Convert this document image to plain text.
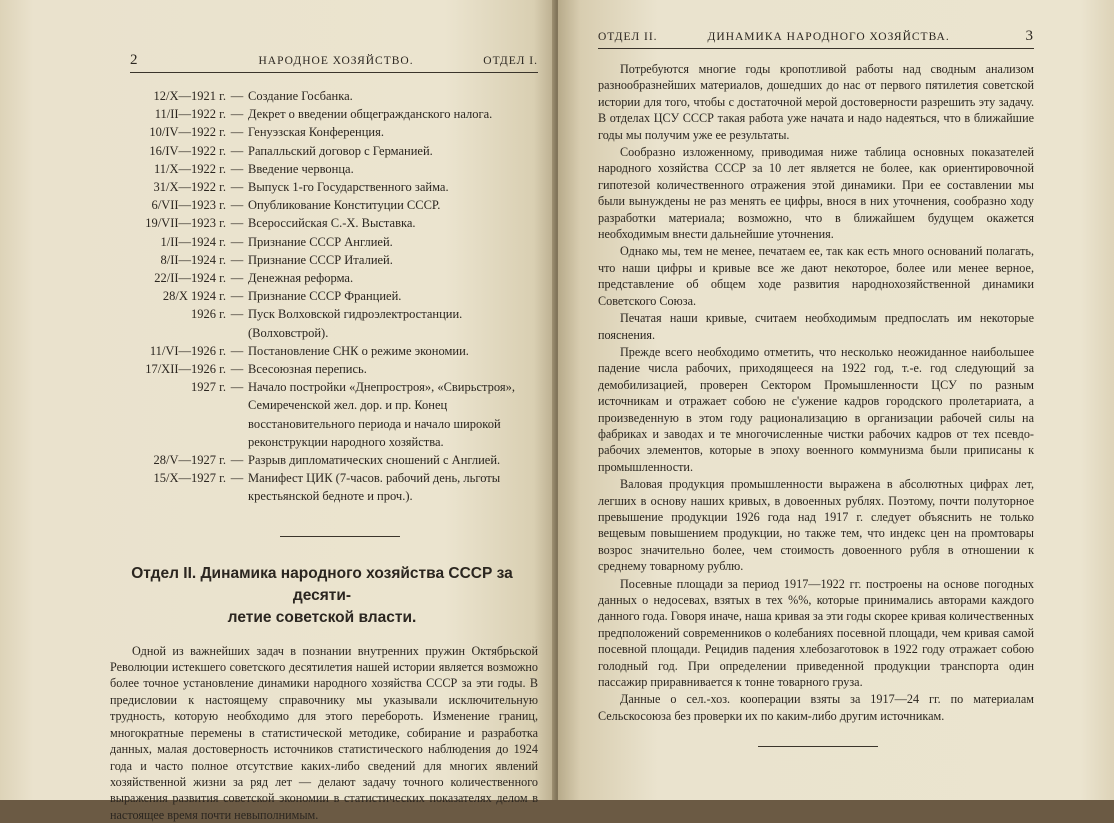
2	НАРОДНОЕ ХОЗЯЙСТВО.	ОТДЕЛ I.
12/X—1921 г. — Создание Госбанка.
11/II—1922 г. — Декрет о введении общегражданского налога.
10/IV—1922 г. — Генуэзская Конференция.
16/IV—1922 г. — Рапалльский договор с Германией.
11/X—1922 г. — Введение червонца.
31/X—1922 г. — Выпуск 1-го Государственного займа.
6/VII—1923 г. — Опубликование Конституции СССР.
19/VII—1923 г. — Всероссийская С.-Х. Выставка.
1/II—1924 г. — Признание СССР Англией.
8/II—1924 г. — Признание СССР Италией.
22/II—1924 г. — Денежная реформа.
28/X 1924 г. — Признание СССР Францией.
1926 г. — Пуск Волховской гидроэлектростанции. (Волховстрой).
11/VI—1926 г. — Постановление СНК о режиме экономии.
17/XII—1926 г. — Всесоюзная перепись.
1927 г. — Начало постройки «Днепростроя», «Свирьстроя», Семиреченской жел. дор. и пр. Конец восстановительного периода и начало широкой реконструкции народного хозяйства.
28/V—1927 г. — Разрыв дипломатических сношений с Англией.
15/X—1927 г. — Манифест ЦИК (7-часов. рабочий день, льготы крестьянской бедноте и проч.).
Отдел II. Динамика народного хозяйства СССР за десяти-
летие советской власти.

Одной из важнейших задач в познании внутренних пружин Октябрьской Революции истекшего советского десятилетия нашей истории является возможно более точное установление динамики народного хозяйства СССР за эти годы. В предисловии к настоящему справочнику мы указывали исключительную трудность, которую необходимо для этого перебороть. Изменение границ, многократные перемены в статистической методике, собирание и разработка данных, малая достоверность источников статистического наблюдения до 1924 года и часто полное отсутствие каких-либо сведений для многих явлений хозяйственной жизни за ряд лет — делают задачу точного количественного выражения развития советской экономии в статистических показателях делом в настоящее время почти невыполнимым.

ОТДЕЛ II.	ДИНАМИКА НАРОДНОГО ХОЗЯЙСТВА.	3

Потребуются многие годы кропотливой работы над сводным анализом разнообразнейших материалов, дошедших до нас от первого пятилетия советской истории для того, чтобы с достаточной мерой достоверности разрешить эту задачу. В отделах ЦСУ СССР такая работа уже начата и надо надеяться, что в ближайшие годы мы получим уже ее результаты.

Сообразно изложенному, приводимая ниже таблица основных показателей народного хозяйства СССР за 10 лет является не более, как ориентировочной гипотезой количественного отражения этой динамики. При ее составлении мы были вынуждены не раз менять ее цифры, внося в них уточнения, сообразно ходу разработки материала; возможно, что в ближайшем будущем окажется необходимым внести дальнейшие уточнения.

Однако мы, тем не менее, печатаем ее, так как есть много оснований полагать, что наши цифры и кривые все же дают некоторое, более или менее верное, представление об общем ходе развития народнохозяйственной динамики Советского Союза.

Печатая наши кривые, считаем необходимым предпослать им некоторые пояснения.

Прежде всего необходимо отметить, что несколько неожиданное наибольшее падение числа рабочих, приходящееся на 1922 год, т.-е. год следующий за демобилизацией, проверен Сектором Промышленности ЦСУ по разным источникам и отражает собою не с'ужение кадров городского пролетариата, а произведенную в этом году рационализацию в организации рабочей силы на фабриках и заводах и те многочисленные чистки рабочих кадров от тех псевдо-рабочих элементов, которые в эпоху военного коммунизма были приписаны к промышленности.

Валовая продукция промышленности выражена в абсолютных цифрах лет, легших в основу наших кривых, в довоенных рублях. Поэтому, почти полуторное превышение продукции 1926 года над 1917 г. следует объяснить не только вещевым повышением продукции, но также тем, что индекс цен на промтовары возрос значительно более, чем стоимость довоенного рубля в отношении к среднему товарному рублю.

Посевные площади за период 1917—1922 гг. построены на основе погодных данных о недосевах, взятых в тех %%, которые принимались авторами каждого данного года. Говоря иначе, наша кривая за эти годы скорее кривая количественных предположений современников о колебаниях посевной площади, чем кривая самой посевной площади. Рецидив падения хлебозаготовок в 1922 году отражает собою голодный год. При определении приведенной продукции транспорта один пассажир приравнивается к тонне товарного груза.

Данные о сел.-хоз. кооперации взяты за 1917—24 гг. по материалам Сельскосоюза без проверки их по каким-либо другим источникам.
